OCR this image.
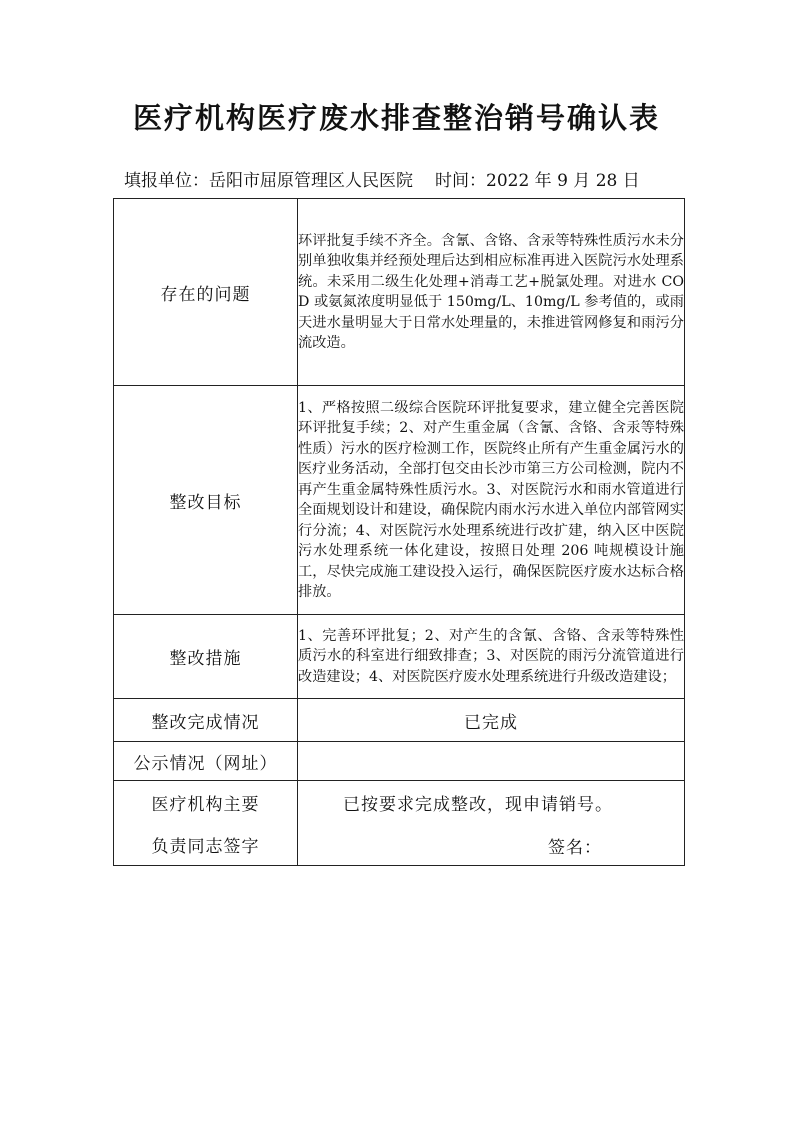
医疗机构医疗废水排查整治销号确认表
填报单位：岳阳市屈原管理区人民医院 时间：2022 年 9 月 28 日
存在的问题	环评批复手续不齐全。含氰、含铬、含汞等特殊性质污水未分别单独收集并经预处理后达到相应标准再进入医院污水处理系统。未采用二级生化处理+消毒工艺+脱氯处理。对进水 COD 或氨氮浓度明显低于 150mg/L、10mg/L 参考值的，或雨天进水量明显大于日常水处理量的，未推进管网修复和雨污分流改造。
整改目标	1、严格按照二级综合医院环评批复要求，建立健全完善医院环评批复手续；2、对产生重金属（含氰、含铬、含汞等特殊性质）污水的医疗检测工作，医院终止所有产生重金属污水的医疗业务活动，全部打包交由长沙市第三方公司检测，院内不再产生重金属特殊性质污水。3、对医院污水和雨水管道进行全面规划设计和建设，确保院内雨水污水进入单位内部管网实行分流；4、对医院污水处理系统进行改扩建，纳入区中医院污水处理系统一体化建设，按照日处理 206 吨规模设计施工，尽快完成施工建设投入运行，确保医院医疗废水达标合格排放。
整改措施	1、完善环评批复；2、对产生的含氰、含铬、含汞等特殊性质污水的科室进行细致排查；3、对医院的雨污分流管道进行改造建设；4、对医院医疗废水处理系统进行升级改造建设；
整改完成情况	已完成
公示情况（网址）	

医疗机构主要
负责同志签字	已按要求完成整改，现申请销号。
签名：
